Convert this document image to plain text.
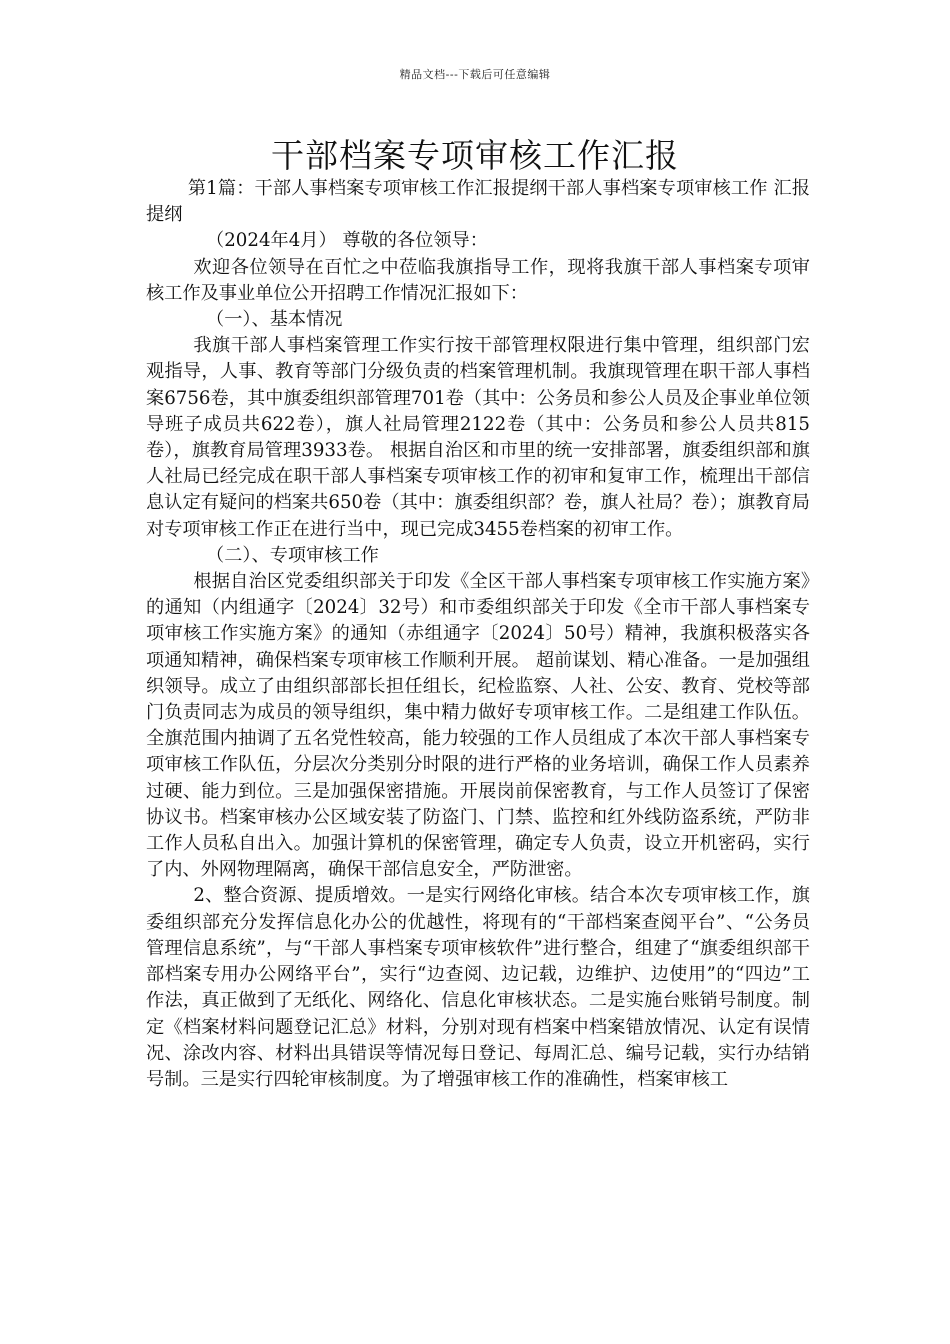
精品文档---下载后可任意编辑
干部档案专项审核工作汇报

第1篇：干部人事档案专项审核工作汇报提纲干部人事档案专项审核工作 汇报提纲

（2024年4月） 尊敬的各位领导：

欢迎各位领导在百忙之中莅临我旗指导工作，现将我旗干部人事档案专项审核工作及事业单位公开招聘工作情况汇报如下：

（一）、基本情况

我旗干部人事档案管理工作实行按干部管理权限进行集中管理，组织部门宏观指导，人事、教育等部门分级负责的档案管理机制。我旗现管理在职干部人事档案6756卷，其中旗委组织部管理701卷（其中：公务员和参公人员及企事业单位领导班子成员共622卷），旗人社局管理2122卷（其中：公务员和参公人员共815卷），旗教育局管理3933卷。 根据自治区和市里的统一安排部署，旗委组织部和旗人社局已经完成在职干部人事档案专项审核工作的初审和复审工作，梳理出干部信息认定有疑问的档案共650卷（其中：旗委组织部？卷，旗人社局？卷）；旗教育局对专项审核工作正在进行当中，现已完成3455卷档案的初审工作。

（二）、专项审核工作

根据自治区党委组织部关于印发《全区干部人事档案专项审核工作实施方案》的通知（内组通字〔2024〕32号）和市委组织部关于印发《全市干部人事档案专项审核工作实施方案》的通知（赤组通字〔2024〕50号）精神，我旗积极落实各项通知精神，确保档案专项审核工作顺利开展。 超前谋划、精心准备。一是加强组织领导。成立了由组织部部长担任组长，纪检监察、人社、公安、教育、党校等部门负责同志为成员的领导组织，集中精力做好专项审核工作。二是组建工作队伍。全旗范围内抽调了五名党性较高，能力较强的工作人员组成了本次干部人事档案专项审核工作队伍，分层次分类别分时限的进行严格的业务培训，确保工作人员素养过硬、能力到位。三是加强保密措施。开展岗前保密教育，与工作人员签订了保密协议书。档案审核办公区域安装了防盗门、门禁、监控和红外线防盗系统，严防非工作人员私自出入。加强计算机的保密管理，确定专人负责，设立开机密码，实行了内、外网物理隔离，确保干部信息安全，严防泄密。

2、整合资源、提质增效。一是实行网络化审核。结合本次专项审核工作，旗委组织部充分发挥信息化办公的优越性，将现有的“干部档案查阅平台”、“公务员管理信息系统”，与“干部人事档案专项审核软件”进行整合，组建了“旗委组织部干部档案专用办公网络平台”，实行“边查阅、边记载，边维护、边使用”的“四边”工作法，真正做到了无纸化、网络化、信息化审核状态。二是实施台账销号制度。制定《档案材料问题登记汇总》材料，分别对现有档案中档案错放情况、认定有误情况、涂改内容、材料出具错误等情况每日登记、每周汇总、编号记载，实行办结销号制。三是实行四轮审核制度。为了增强审核工作的准确性，档案审核工
